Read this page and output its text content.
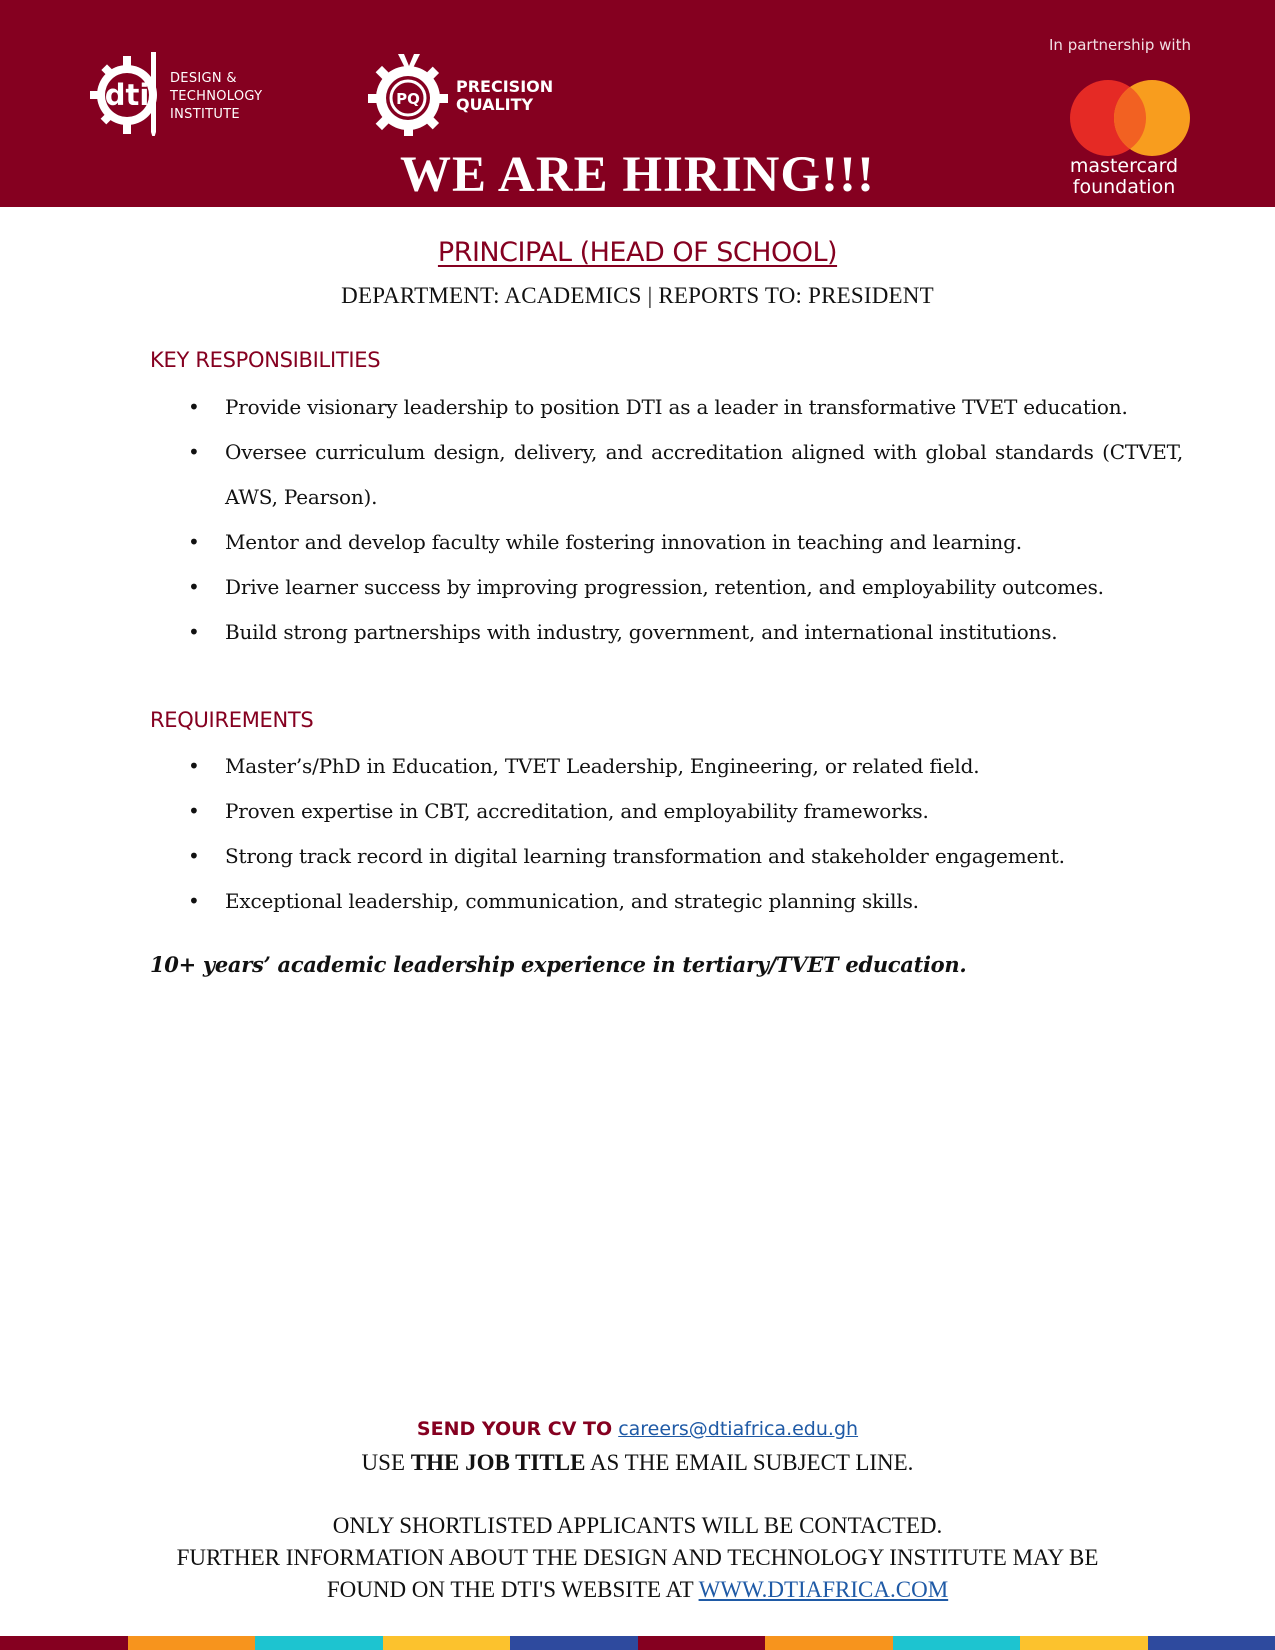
dti DESIGN &
TECHNOLOGY
INSTITUTE
PQ
PRECISION
QUALITY
In partnership with
mastercard
foundation
WE ARE HIRING!!!
PRINCIPAL (HEAD OF SCHOOL)
DEPARTMENT: ACADEMICS | REPORTS TO: PRESIDENT
KEY RESPONSIBILITIES
• Provide visionary leadership to position DTI as a leader in transformative TVET education.
• Oversee curriculum design, delivery, and accreditation aligned with global standards (CTVET, AWS, Pearson).
• Mentor and develop faculty while fostering innovation in teaching and learning.
• Drive learner success by improving progression, retention, and employability outcomes.
• Build strong partnerships with industry, government, and international institutions.
REQUIREMENTS
• Master’s/PhD in Education, TVET Leadership, Engineering, or related field.
• Proven expertise in CBT, accreditation, and employability frameworks.
• Strong track record in digital learning transformation and stakeholder engagement.
• Exceptional leadership, communication, and strategic planning skills.
10+ years’ academic leadership experience in tertiary/TVET education.
SEND YOUR CV TO careers@dtiafrica.edu.gh
USE THE JOB TITLE AS THE EMAIL SUBJECT LINE.
ONLY SHORTLISTED APPLICANTS WILL BE CONTACTED.
FURTHER INFORMATION ABOUT THE DESIGN AND TECHNOLOGY INSTITUTE MAY BE
FOUND ON THE DTI'S WEBSITE AT WWW.DTIAFRICA.COM
